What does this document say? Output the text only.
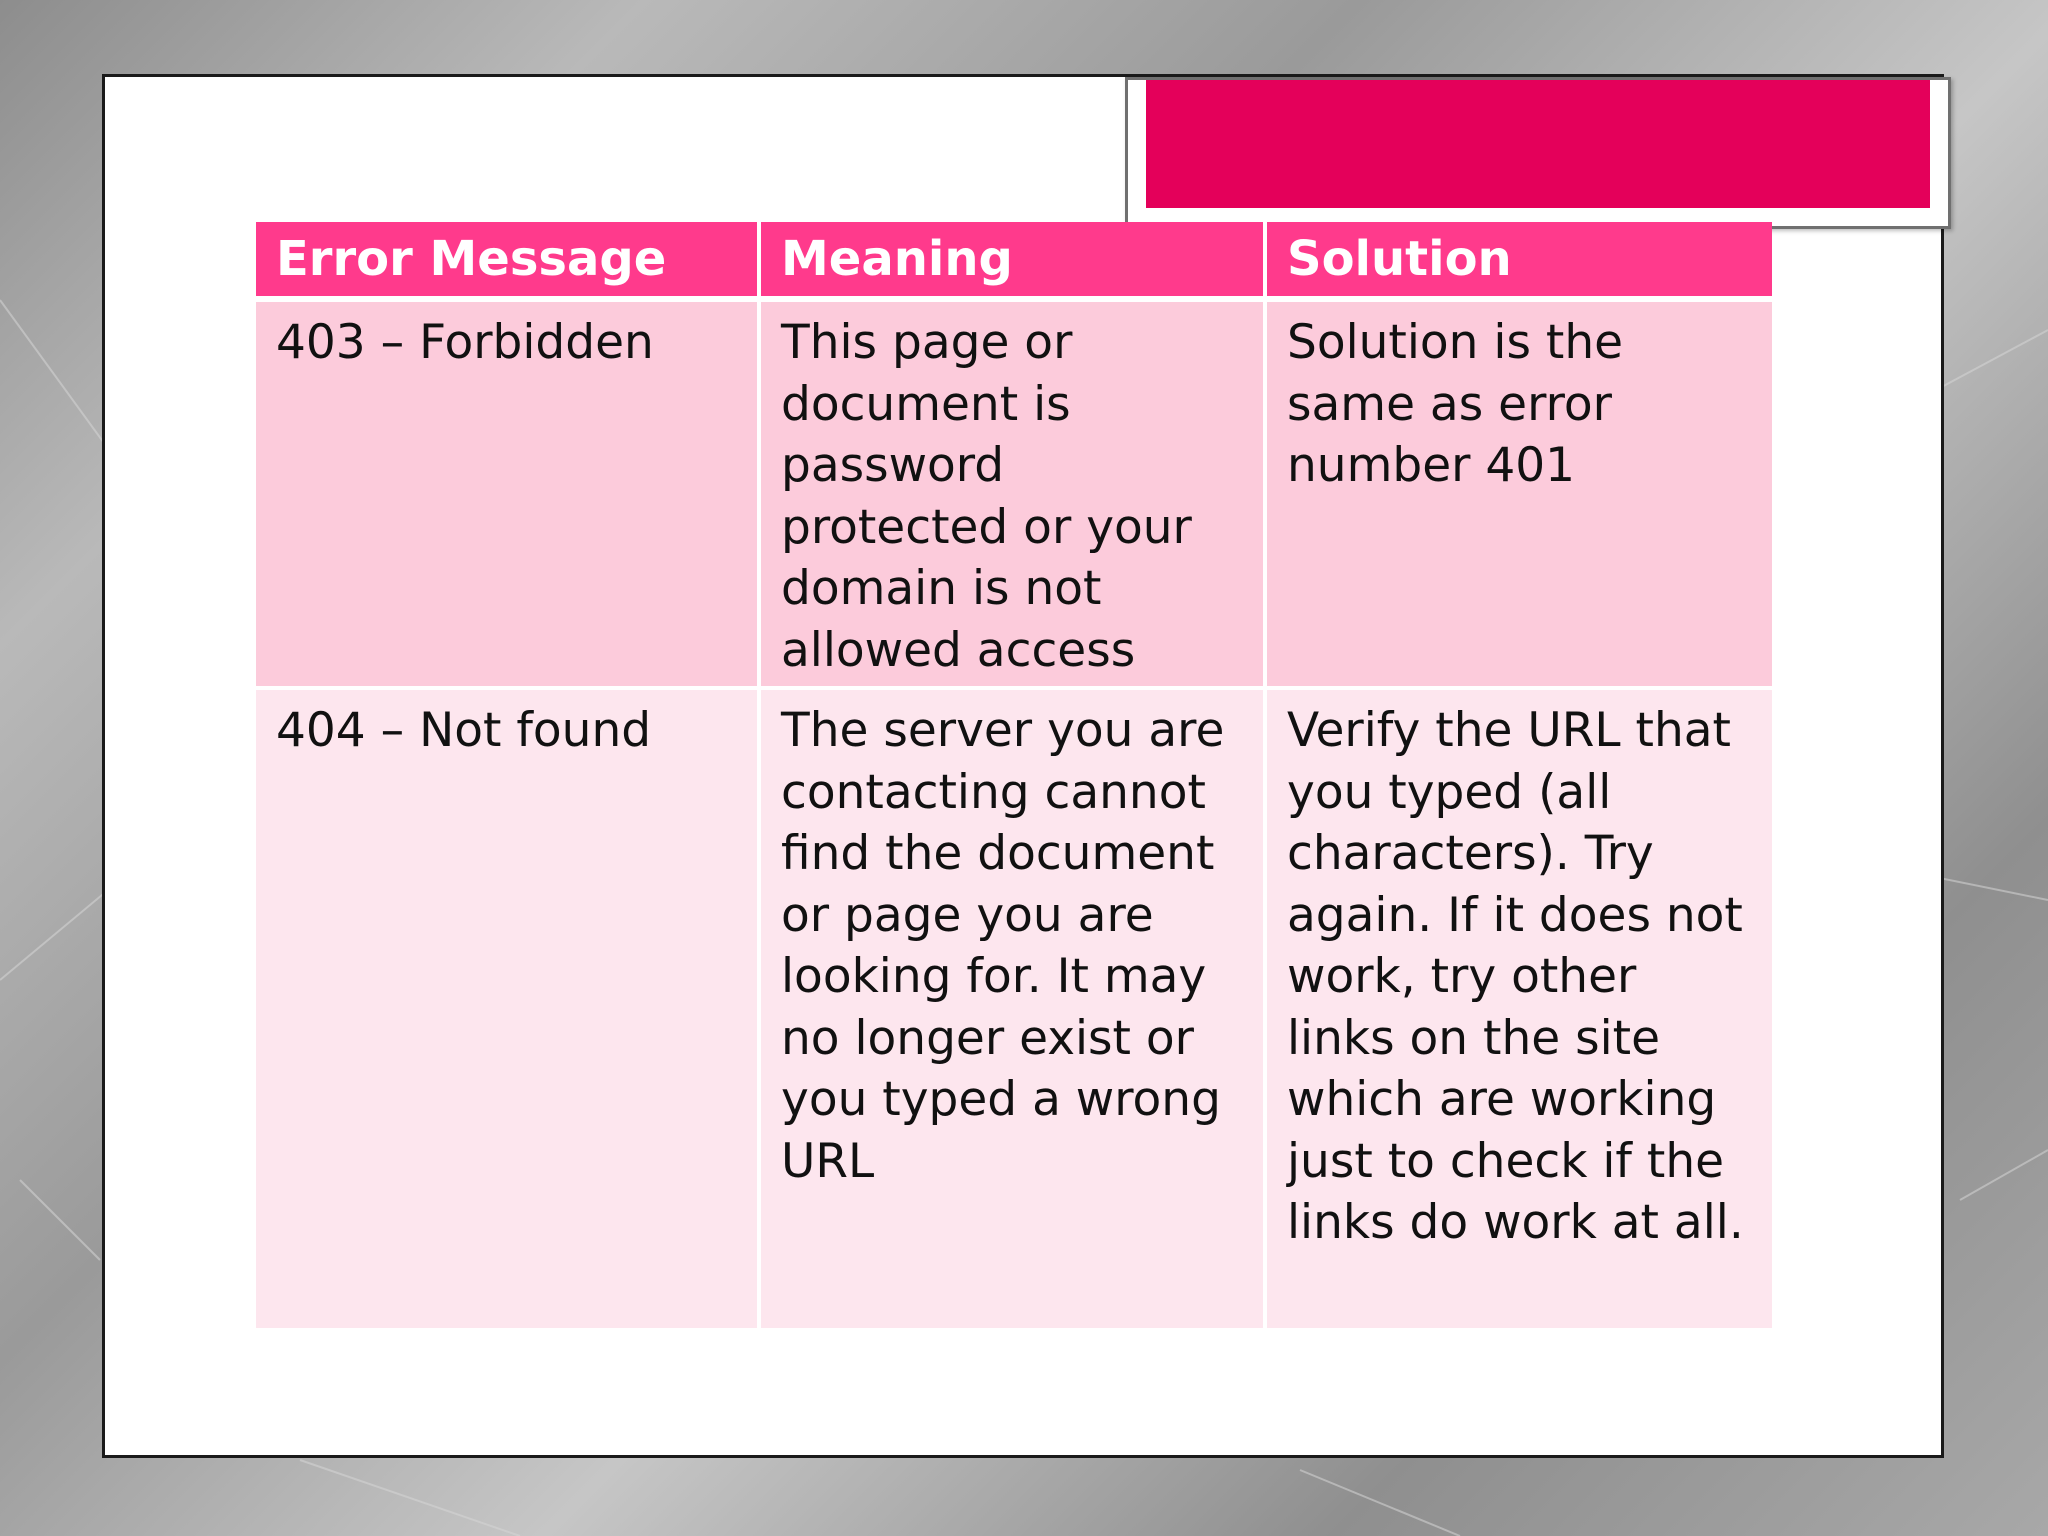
Error Message	Meaning	Solution
403 – Forbidden	This page or document is password protected or your domain is not allowed access	Solution is the same as error number 401
404 – Not found	The server you are contacting cannot find the document or page you are looking for. It may no longer exist or you typed a wrong URL	Verify the URL that you typed (all characters). Try again. If it does not work, try other links on the site which are working just to check if the links do work at all.
